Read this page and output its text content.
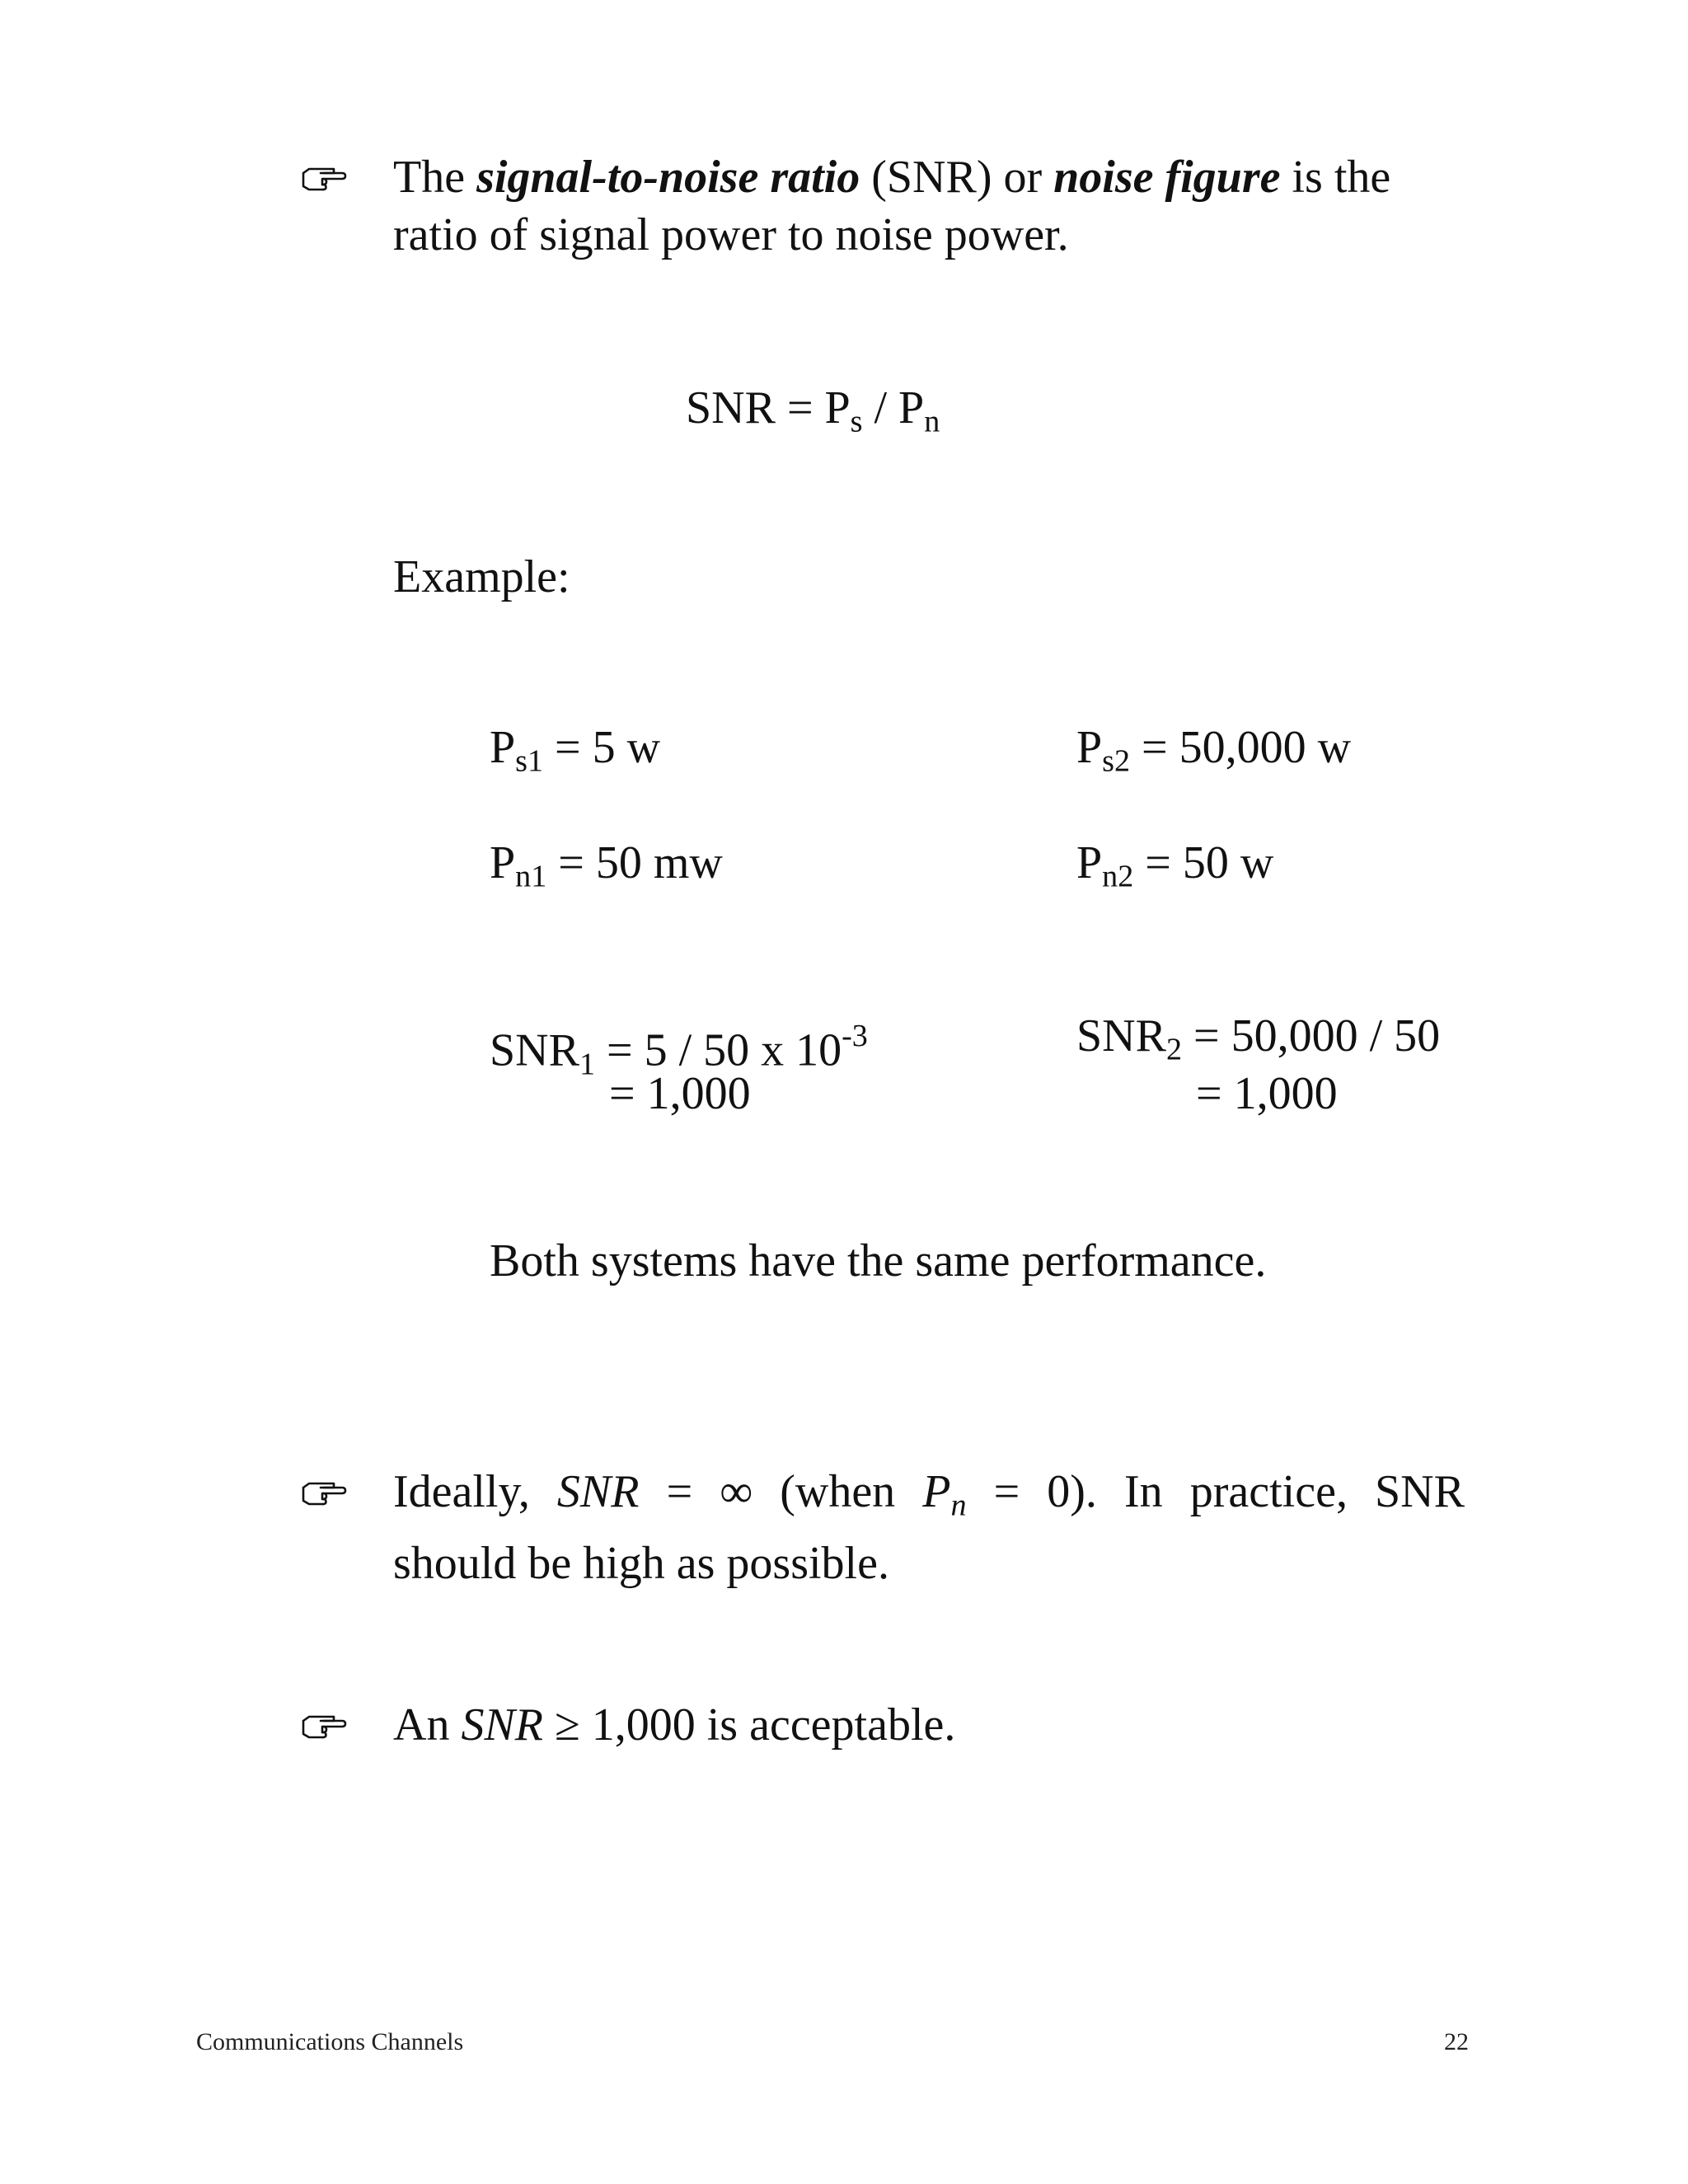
The signal-to-noise ratio (SNR) or noise figure is the
ratio of signal power to noise power.
SNR = $P_s / P_n$
Example:
$P_{s1} = 5$ w
$P_{n1} = 50$ mw
$SNR_1 = 5 / 50$ x $10^{-3}$
= 1,000
$P_{s2} = 50,000$ w
$P_{n2} = 50$ w
$SNR_2 = 50,000 / 50$
= 1,000
Both systems have the same performance.
Ideally, SNR = ∞ (when $P_n = 0$). In practice, SNR
should be high as possible.
An SNR ≥ 1,000 is acceptable.
Communications Channels	22
